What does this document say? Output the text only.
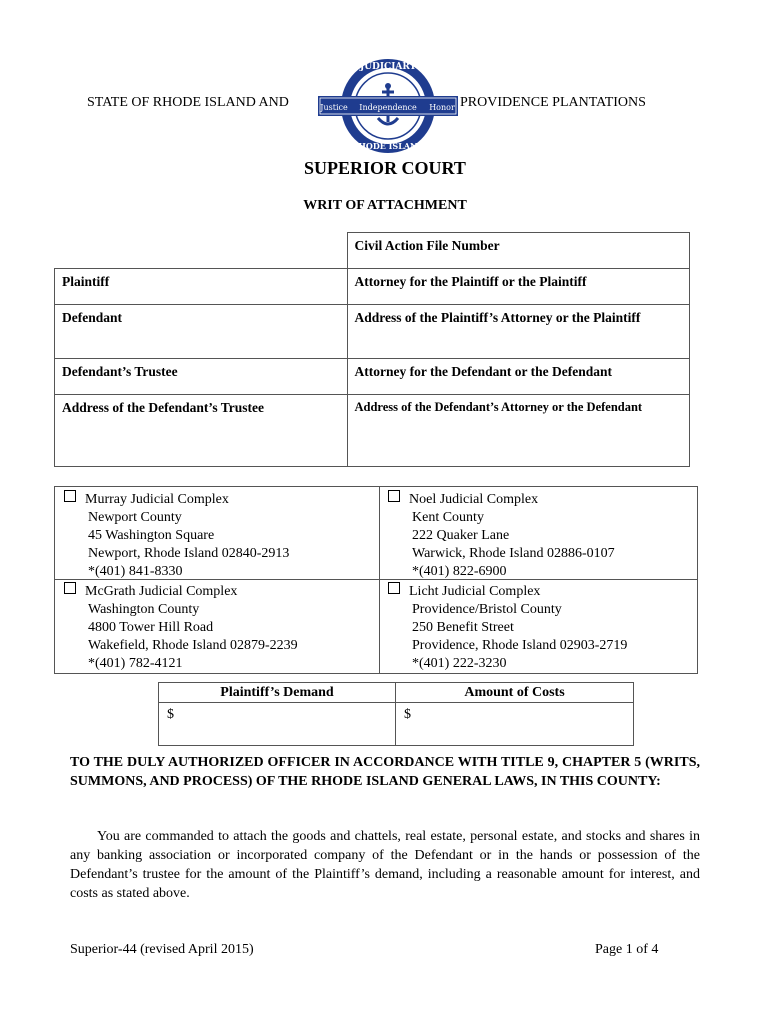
STATE OF RHODE ISLAND AND
JUDICIARY
RHODE ISLAND
Justice Independence Honor PROVIDENCE PLANTATIONS
SUPERIOR COURT
WRIT OF ATTACHMENT
	Civil Action File Number
Plaintiff	Attorney for the Plaintiff or the Plaintiff
Defendant	Address of the Plaintiff’s Attorney or the Plaintiff
Defendant’s Trustee	Attorney for the Defendant or the Defendant
Address of the Defendant’s Trustee	Address of the Defendant’s Attorney or the Defendant
Murray Judicial Complex
Newport County
45 Washington Square
Newport, Rhode Island 02840-2913
*(401) 841-8330
Noel Judicial Complex
Kent County
222 Quaker Lane
Warwick, Rhode Island 02886-0107
*(401) 822-6900
McGrath Judicial Complex
Washington County
4800 Tower Hill Road
Wakefield, Rhode Island 02879-2239
*(401) 782-4121
Licht Judicial Complex
Providence/Bristol County
250 Benefit Street
Providence, Rhode Island 02903-2719
*(401) 222-3230
Plaintiff’s Demand	Amount of Costs
$	$
TO THE DULY AUTHORIZED OFFICER IN ACCORDANCE WITH TITLE 9, CHAPTER 5 (WRITS, SUMMONS, AND PROCESS) OF THE RHODE ISLAND GENERAL LAWS, IN THIS COUNTY:
You are commanded to attach the goods and chattels, real estate, personal estate, and stocks and shares in any banking association or incorporated company of the Defendant or in the hands or possession of the Defendant’s trustee for the amount of the Plaintiff’s demand, including a reasonable amount for interest, and costs as stated above.
Superior-44 (revised April 2015)	Page 1 of 4
